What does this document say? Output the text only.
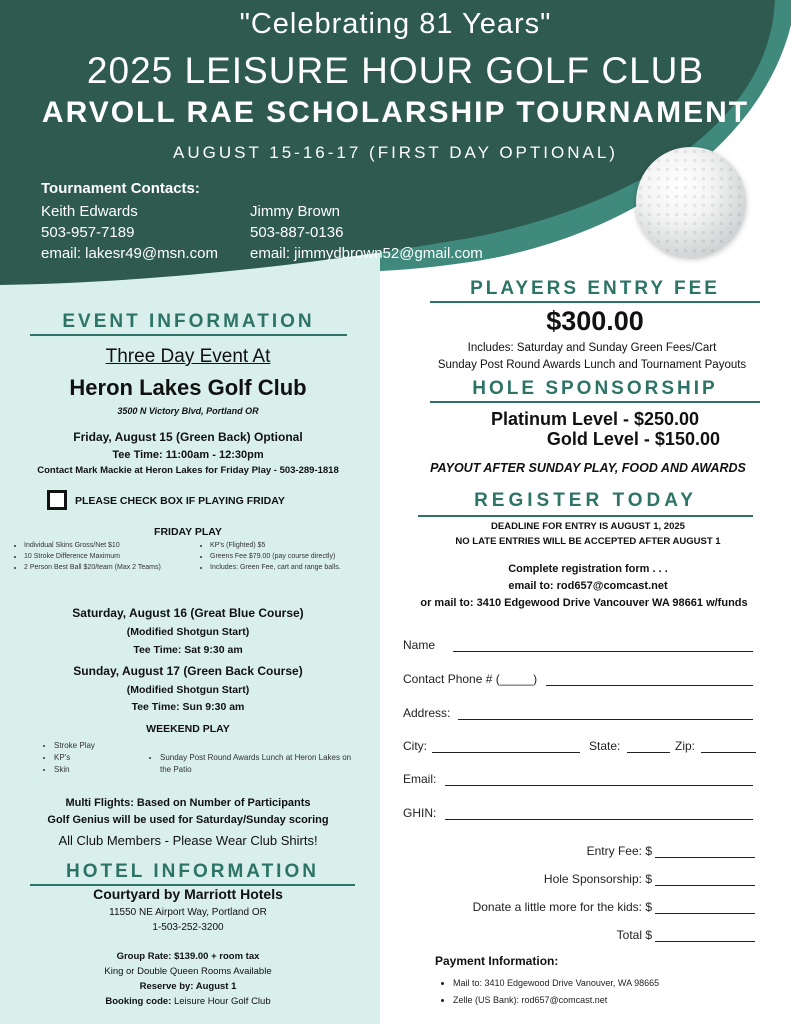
"Celebrating 81 Years"
2025 LEISURE HOUR GOLF CLUB
ARVOLL RAE SCHOLARSHIP TOURNAMENT
AUGUST 15-16-17 (FIRST DAY OPTIONAL)
Tournament Contacts:
Keith Edwards
503-957-7189
email: lakesr49@msn.com
Jimmy Brown
503-887-0136
email: jimmydbrown52@gmail.com
EVENT INFORMATION
Three Day Event At
Heron Lakes Golf Club
3500 N Victory Blvd, Portland OR
Friday, August 15 (Green Back) Optional
Tee Time: 11:00am - 12:30pm
Contact Mark Mackie at Heron Lakes for Friday Play - 503-289-1818
PLEASE CHECK BOX IF PLAYING FRIDAY
FRIDAY PLAY
• Individual Skins Gross/Net $10
• 10 Stroke Difference Maximum
• 2 Person Best Ball $20/team (Max 2 Teams)
• KP's (Flighted) $5
• Greens Fee $79.00 (pay course directly)
• Includes: Green Fee, cart and range balls.
Saturday, August 16 (Great Blue Course)
(Modified Shotgun Start)
Tee Time: Sat 9:30 am
Sunday, August 17 (Green Back Course)
(Modified Shotgun Start)
Tee Time: Sun 9:30 am
WEEKEND PLAY
• Stroke Play
• KP's
• Skin
• Sunday Post Round Awards Lunch at Heron Lakes on the Patio
Multi Flights: Based on Number of Participants
Golf Genius will be used for Saturday/Sunday scoring
All Club Members - Please Wear Club Shirts!
HOTEL INFORMATION
Courtyard by Marriott Hotels
11550 NE Airport Way, Portland OR
1-503-252-3200
Group Rate: $139.00 + room tax
King or Double Queen Rooms Available
Reserve by: August 1
Booking code: Leisure Hour Golf Club
PLAYERS ENTRY FEE
$300.00
Includes: Saturday and Sunday Green Fees/Cart
Sunday Post Round Awards Lunch and Tournament Payouts
HOLE SPONSORSHIP
Platinum Level - $250.00
Gold Level - $150.00
PAYOUT AFTER SUNDAY PLAY, FOOD AND AWARDS
REGISTER TODAY
DEADLINE FOR ENTRY IS AUGUST 1, 2025
NO LATE ENTRIES WILL BE ACCEPTED AFTER AUGUST 1
Complete registration form . . .
email to: rod657@comcast.net
or mail to: 3410 Edgewood Drive Vancouver WA 98661 w/funds
Name
Contact Phone # (_____)
Address:
City:	State:	Zip:
Email:
GHIN:
Entry Fee: $
Hole Sponsorship: $
Donate a little more for the kids: $
Total $
Payment Information:
• Mail to: 3410 Edgewood Drive Vanouver, WA 98665
• Zelle (US Bank): rod657@comcast.net
